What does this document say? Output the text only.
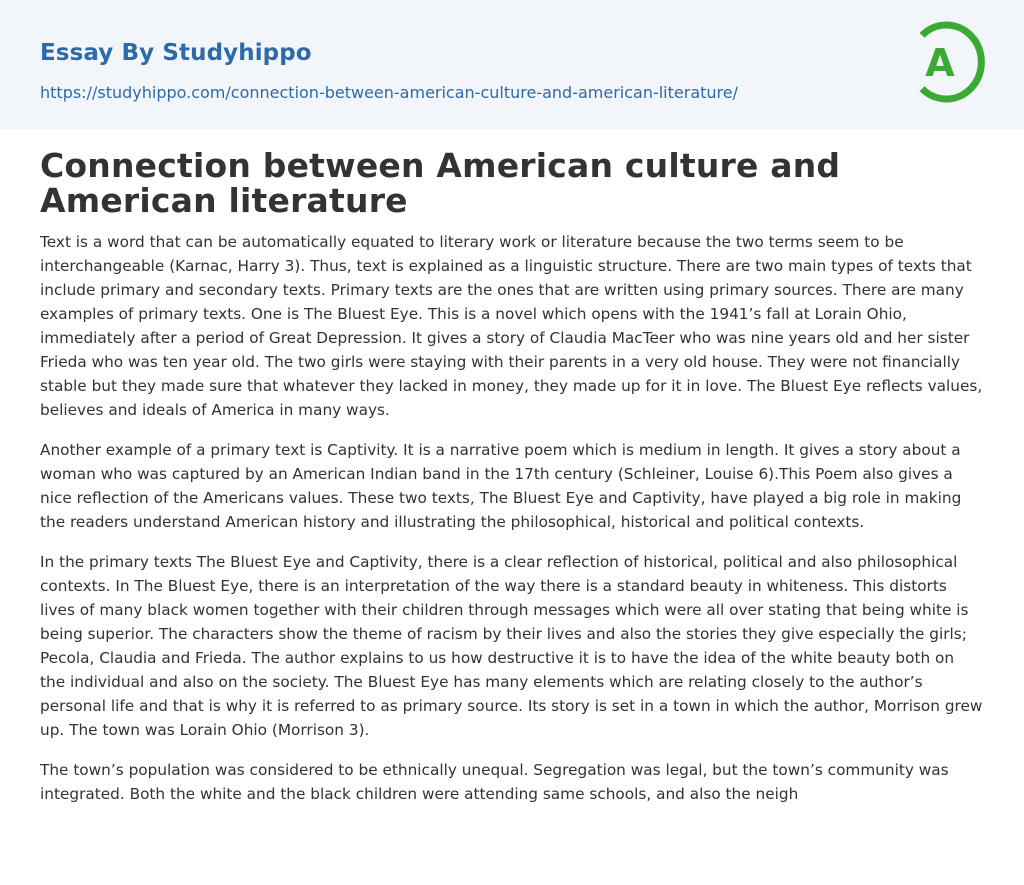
Essay By Studyhippo
https://studyhippo.com/connection-between-american-culture-and-american-literature/
A
Connection between American culture and American literature

Text is a word that can be automatically equated to literary work or literature because the two terms seem to be interchangeable (Karnac, Harry 3). Thus, text is explained as a linguistic structure. There are two main types of texts that include primary and secondary texts. Primary texts are the ones that are written using primary sources. There are many examples of primary texts. One is The Bluest Eye. This is a novel which opens with the 1941’s fall at Lorain Ohio, immediately after a period of Great Depression. It gives a story of Claudia MacTeer who was nine years old and her sister Frieda who was ten year old. The two girls were staying with their parents in a very old house. They were not financially stable but they made sure that whatever they lacked in money, they made up for it in love. The Bluest Eye reflects values, believes and ideals of America in many ways.

Another example of a primary text is Captivity. It is a narrative poem which is medium in length. It gives a story about a woman who was captured by an American Indian band in the 17th century (Schleiner, Louise 6).This Poem also gives a nice reflection of the Americans values. These two texts, The Bluest Eye and Captivity, have played a big role in making the readers understand American history and illustrating the philosophical, historical and political contexts.

In the primary texts The Bluest Eye and Captivity, there is a clear reflection of historical, political and also philosophical contexts. In The Bluest Eye, there is an interpretation of the way there is a standard beauty in whiteness. This distorts lives of many black women together with their children through messages which were all over stating that being white is being superior. The characters show the theme of racism by their lives and also the stories they give especially the girls; Pecola, Claudia and Frieda. The author explains to us how destructive it is to have the idea of the white beauty both on the individual and also on the society. The Bluest Eye has many elements which are relating closely to the author’s personal life and that is why it is referred to as primary source. Its story is set in a town in which the author, Morrison grew up. The town was Lorain Ohio (Morrison 3).

The town’s population was considered to be ethnically unequal. Segregation was legal, but the town’s community was integrated. Both the white and the black children were attending same schools, and also the neigh
